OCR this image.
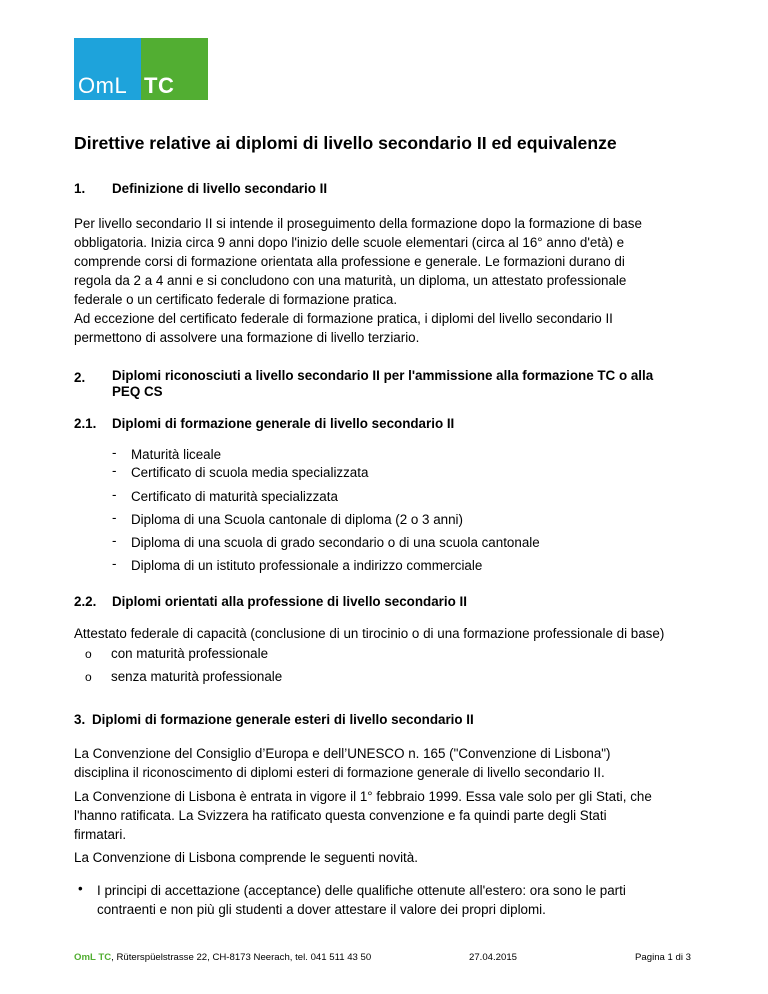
OmL TC
Direttive relative ai diplomi di livello secondario II ed equivalenze
1. Definizione di livello secondario II
Per livello secondario II si intende il proseguimento della formazione dopo la formazione di base
obbligatoria. Inizia circa 9 anni dopo l'inizio delle scuole elementari (circa al 16° anno d'età) e
comprende corsi di formazione orientata alla professione e generale. Le formazioni durano di
regola da 2 a 4 anni e si concludono con una maturità, un diploma, un attestato professionale
federale o un certificato federale di formazione pratica.
Ad eccezione del certificato federale di formazione pratica, i diplomi del livello secondario II
permettono di assolvere una formazione di livello terziario.
2. Diplomi riconosciuti a livello secondario II per l'ammissione alla formazione TC o alla
PEQ CS
2.1. Diplomi di formazione generale di livello secondario II
- Maturità liceale
- Certificato di scuola media specializzata
- Certificato di maturità specializzata
- Diploma di una Scuola cantonale di diploma (2 o 3 anni)
- Diploma di una scuola di grado secondario o di una scuola cantonale
- Diploma di un istituto professionale a indirizzo commerciale
2.2. Diplomi orientati alla professione di livello secondario II
Attestato federale di capacità (conclusione di un tirocinio o di una formazione professionale di base)
o con maturità professionale
o senza maturità professionale
3. Diplomi di formazione generale esteri di livello secondario II
La Convenzione del Consiglio d’Europa e dell’UNESCO n. 165 ("Convenzione di Lisbona")
disciplina il riconoscimento di diplomi esteri di formazione generale di livello secondario II.
La Convenzione di Lisbona è entrata in vigore il 1° febbraio 1999. Essa vale solo per gli Stati, che
l'hanno ratificata. La Svizzera ha ratificato questa convenzione e fa quindi parte degli Stati
firmatari.
La Convenzione di Lisbona comprende le seguenti novità.
• I principi di accettazione (acceptance) delle qualifiche ottenute all'estero: ora sono le parti
contraenti e non più gli studenti a dover attestare il valore dei propri diplomi.
OmL TC, Rüterspüelstrasse 22, CH-8173 Neerach, tel. 041 511 43 50	27.04.2015	Pagina 1 di 3
